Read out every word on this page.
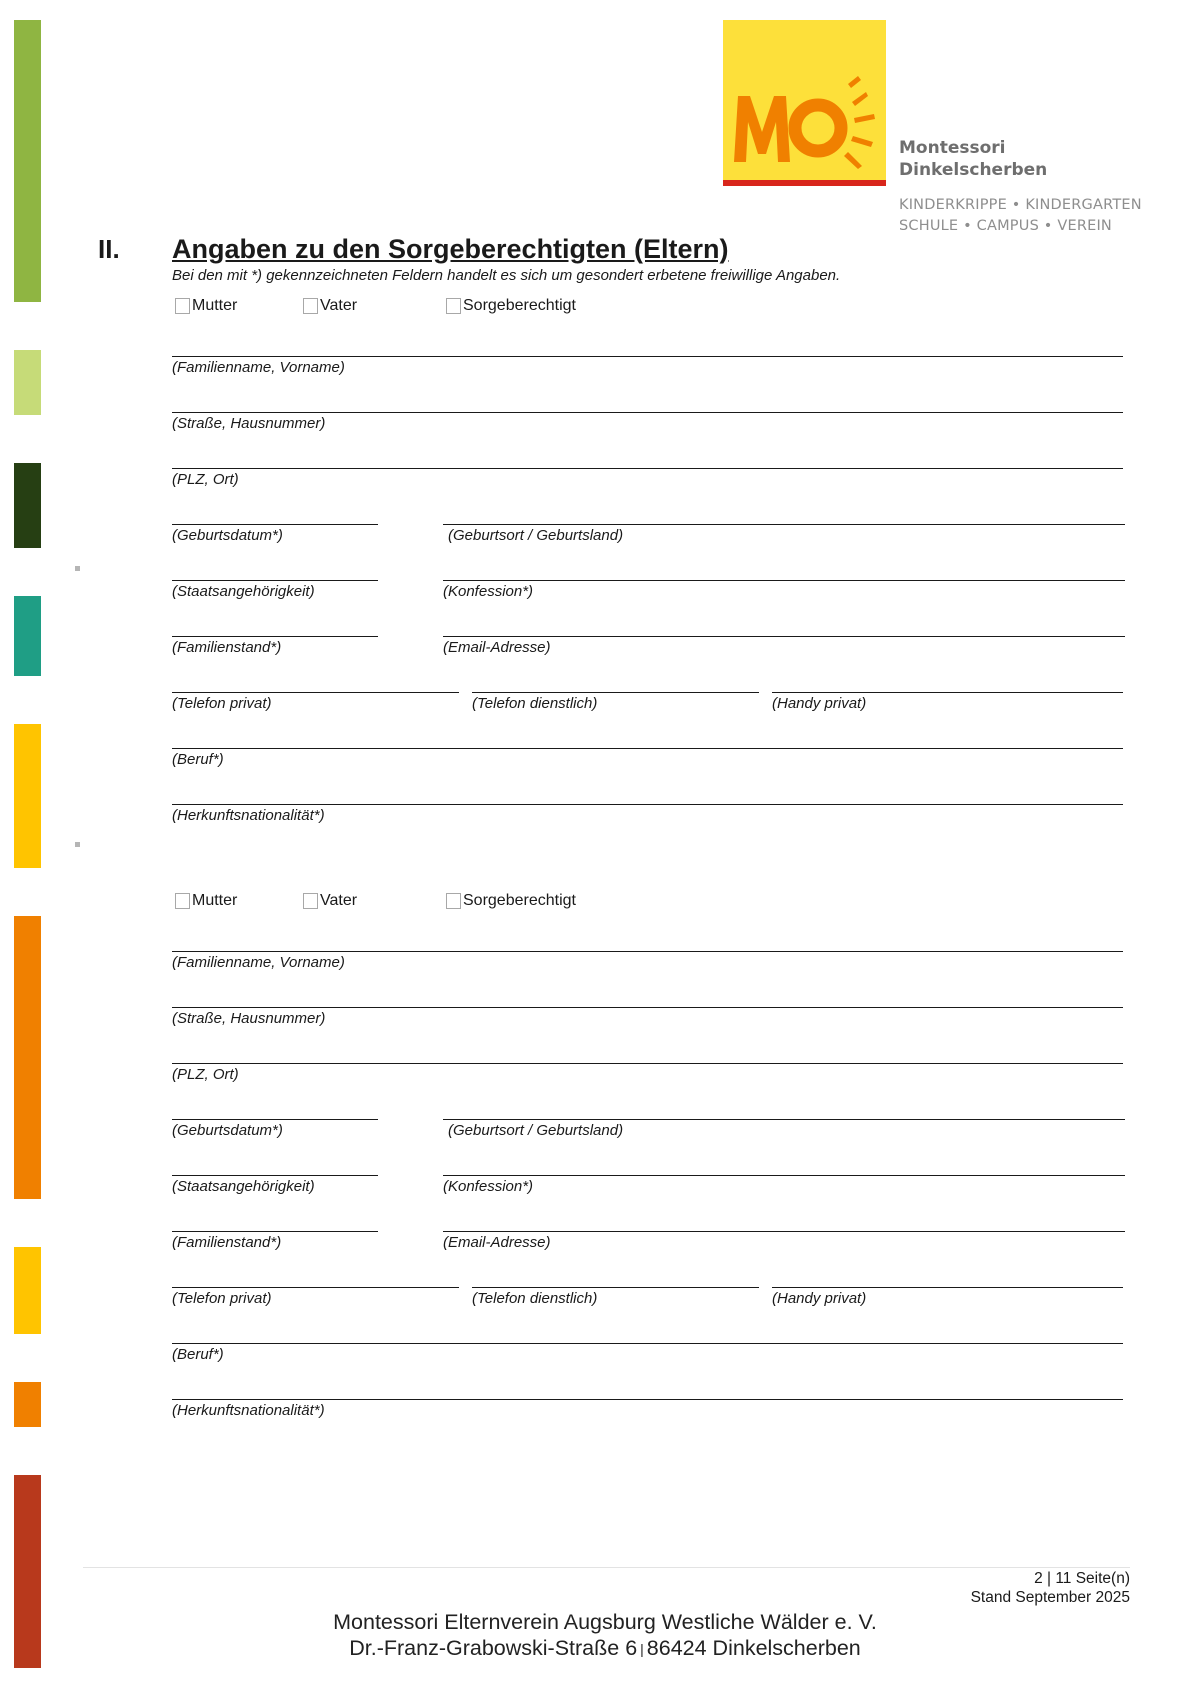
Montessori
Dinkelscherben
KINDERKRIPPE • KINDERGARTEN
SCHULE • CAMPUS • VEREIN
II. Angaben zu den Sorgeberechtigten (Eltern)
Bei den mit *) gekennzeichneten Feldern handelt es sich um gesondert erbetene freiwillige Angaben.
Mutter	Vater	Sorgeberechtigt
(Familienname, Vorname)
(Straße, Hausnummer)
(PLZ, Ort)
(Geburtsdatum*)	(Geburtsort / Geburtsland)
(Staatsangehörigkeit)	(Konfession*)
(Familienstand*)	(Email-Adresse)
(Telefon privat)	(Telefon dienstlich)	(Handy privat)
(Beruf*)
(Herkunftsnationalität*)
Mutter	Vater	Sorgeberechtigt
(Familienname, Vorname)
(Straße, Hausnummer)
(PLZ, Ort)
(Geburtsdatum*)	(Geburtsort / Geburtsland)
(Staatsangehörigkeit)	(Konfession*)
(Familienstand*)	(Email-Adresse)
(Telefon privat)	(Telefon dienstlich)	(Handy privat)
(Beruf*)
(Herkunftsnationalität*)
2 | 11 Seite(n)
Stand September 2025
Montessori Elternverein Augsburg Westliche Wälder e. V.
Dr.-Franz-Grabowski-Straße 6 | 86424 Dinkelscherben
